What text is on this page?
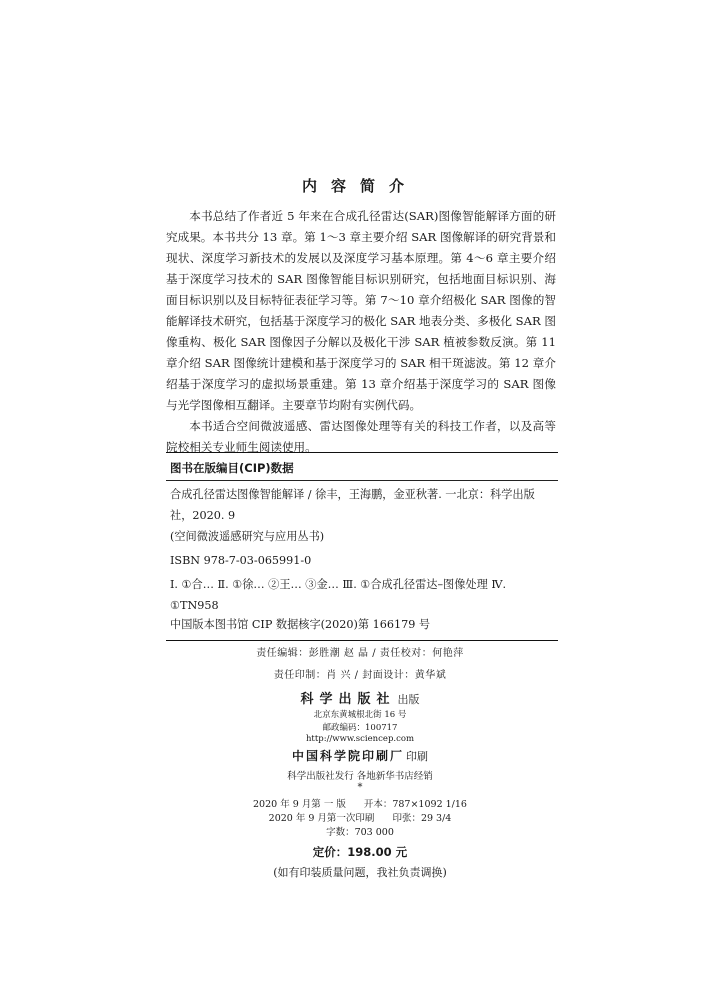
内容简介

本书总结了作者近 5 年来在合成孔径雷达(SAR)图像智能解译方面的研究成果。本书共分 13 章。第 1～3 章主要介绍 SAR 图像解译的研究背景和现状、深度学习新技术的发展以及深度学习基本原理。第 4～6 章主要介绍基于深度学习技术的 SAR 图像智能目标识别研究，包括地面目标识别、海面目标识别以及目标特征表征学习等。第 7～10 章介绍极化 SAR 图像的智能解译技术研究，包括基于深度学习的极化 SAR 地表分类、多极化 SAR 图像重构、极化 SAR 图像因子分解以及极化干涉 SAR 植被参数反演。第 11 章介绍 SAR 图像统计建模和基于深度学习的 SAR 相干斑滤波。第 12 章介绍基于深度学习的虚拟场景重建。第 13 章介绍基于深度学习的 SAR 图像与光学图像相互翻译。主要章节均附有实例代码。

本书适合空间微波遥感、雷达图像处理等有关的科技工作者，以及高等院校相关专业师生阅读使用。

图书在版编目(CIP)数据
合成孔径雷达图像智能解译 / 徐丰，王海鹏，金亚秋著. 一北京：科学出版社，2020. 9
(空间微波遥感研究与应用丛书)
ISBN 978-7-03-065991-0
Ⅰ. ①合… Ⅱ. ①徐… ②王… ③金… Ⅲ. ①合成孔径雷达–图像处理 Ⅳ. ①TN958
中国版本图书馆 CIP 数据核字(2020)第 166179 号
责任编辑：彭胜潮 赵 晶 / 责任校对：何艳萍
责任印制：肖 兴 / 封面设计：黄华斌
科学出版社 出版
北京东黄城根北街 16 号
邮政编码：100717
http://www.sciencep.com
中国科学院印刷厂 印刷
科学出版社发行 各地新华书店经销
*
2020 年 9 月第 一 版 开本：787×1092 1/16
2020 年 9 月第一次印刷 印张：29 3/4
字数：703 000
定价：198.00 元
(如有印装质量问题，我社负责调换)
